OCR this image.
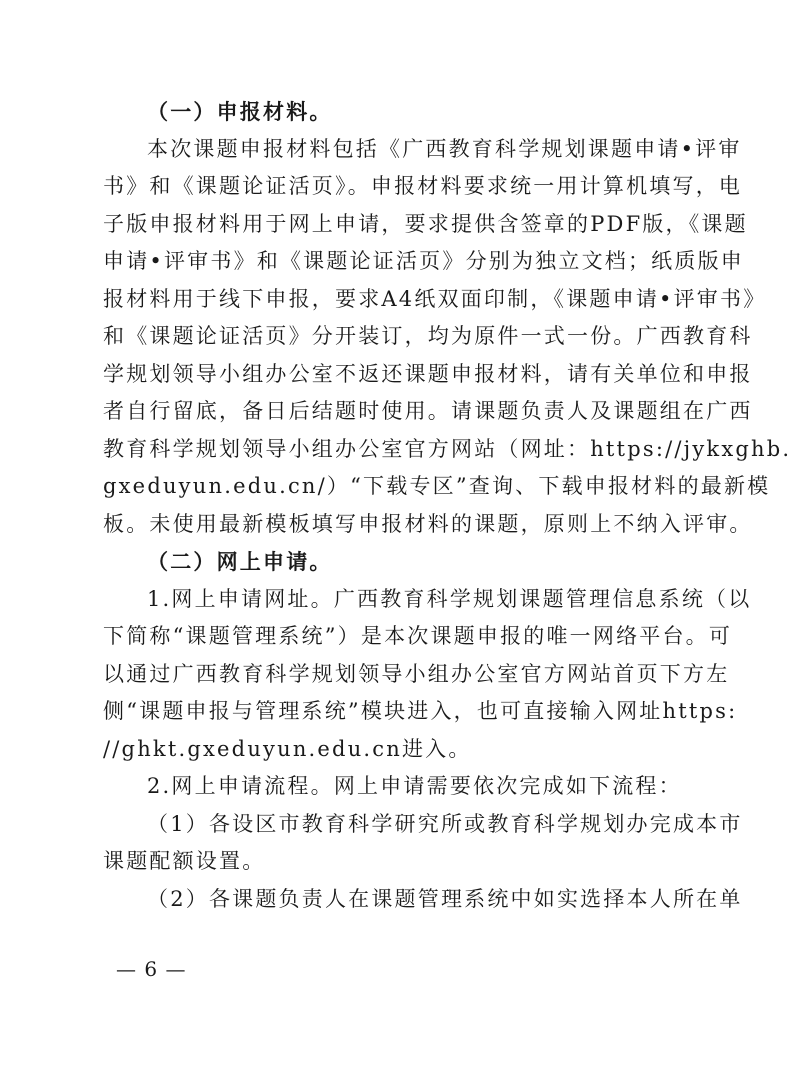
（一）申报材料。
本次课题申报材料包括《广西教育科学规划课题申请•评审
书》和《课题论证活页》。申报材料要求统一用计算机填写，电
子版申报材料用于网上申请，要求提供含签章的PDF版，《课题
申请•评审书》和《课题论证活页》分别为独立文档；纸质版申
报材料用于线下申报，要求A4纸双面印制，《课题申请•评审书》
和《课题论证活页》分开装订，均为原件一式一份。广西教育科
学规划领导小组办公室不返还课题申报材料，请有关单位和申报
者自行留底，备日后结题时使用。请课题负责人及课题组在广西
教育科学规划领导小组办公室官方网站（网址：https://jykxghb.
gxeduyun.edu.cn/）“下载专区”查询、下载申报材料的最新模
板。未使用最新模板填写申报材料的课题，原则上不纳入评审。
（二）网上申请。
1.网上申请网址。广西教育科学规划课题管理信息系统（以
下简称“课题管理系统”）是本次课题申报的唯一网络平台。可
以通过广西教育科学规划领导小组办公室官方网站首页下方左
侧“课题申报与管理系统”模块进入，也可直接输入网址https:
//ghkt.gxeduyun.edu.cn进入。
2.网上申请流程。网上申请需要依次完成如下流程：
（1）各设区市教育科学研究所或教育科学规划办完成本市
课题配额设置。
（2）各课题负责人在课题管理系统中如实选择本人所在单
— 6 —
